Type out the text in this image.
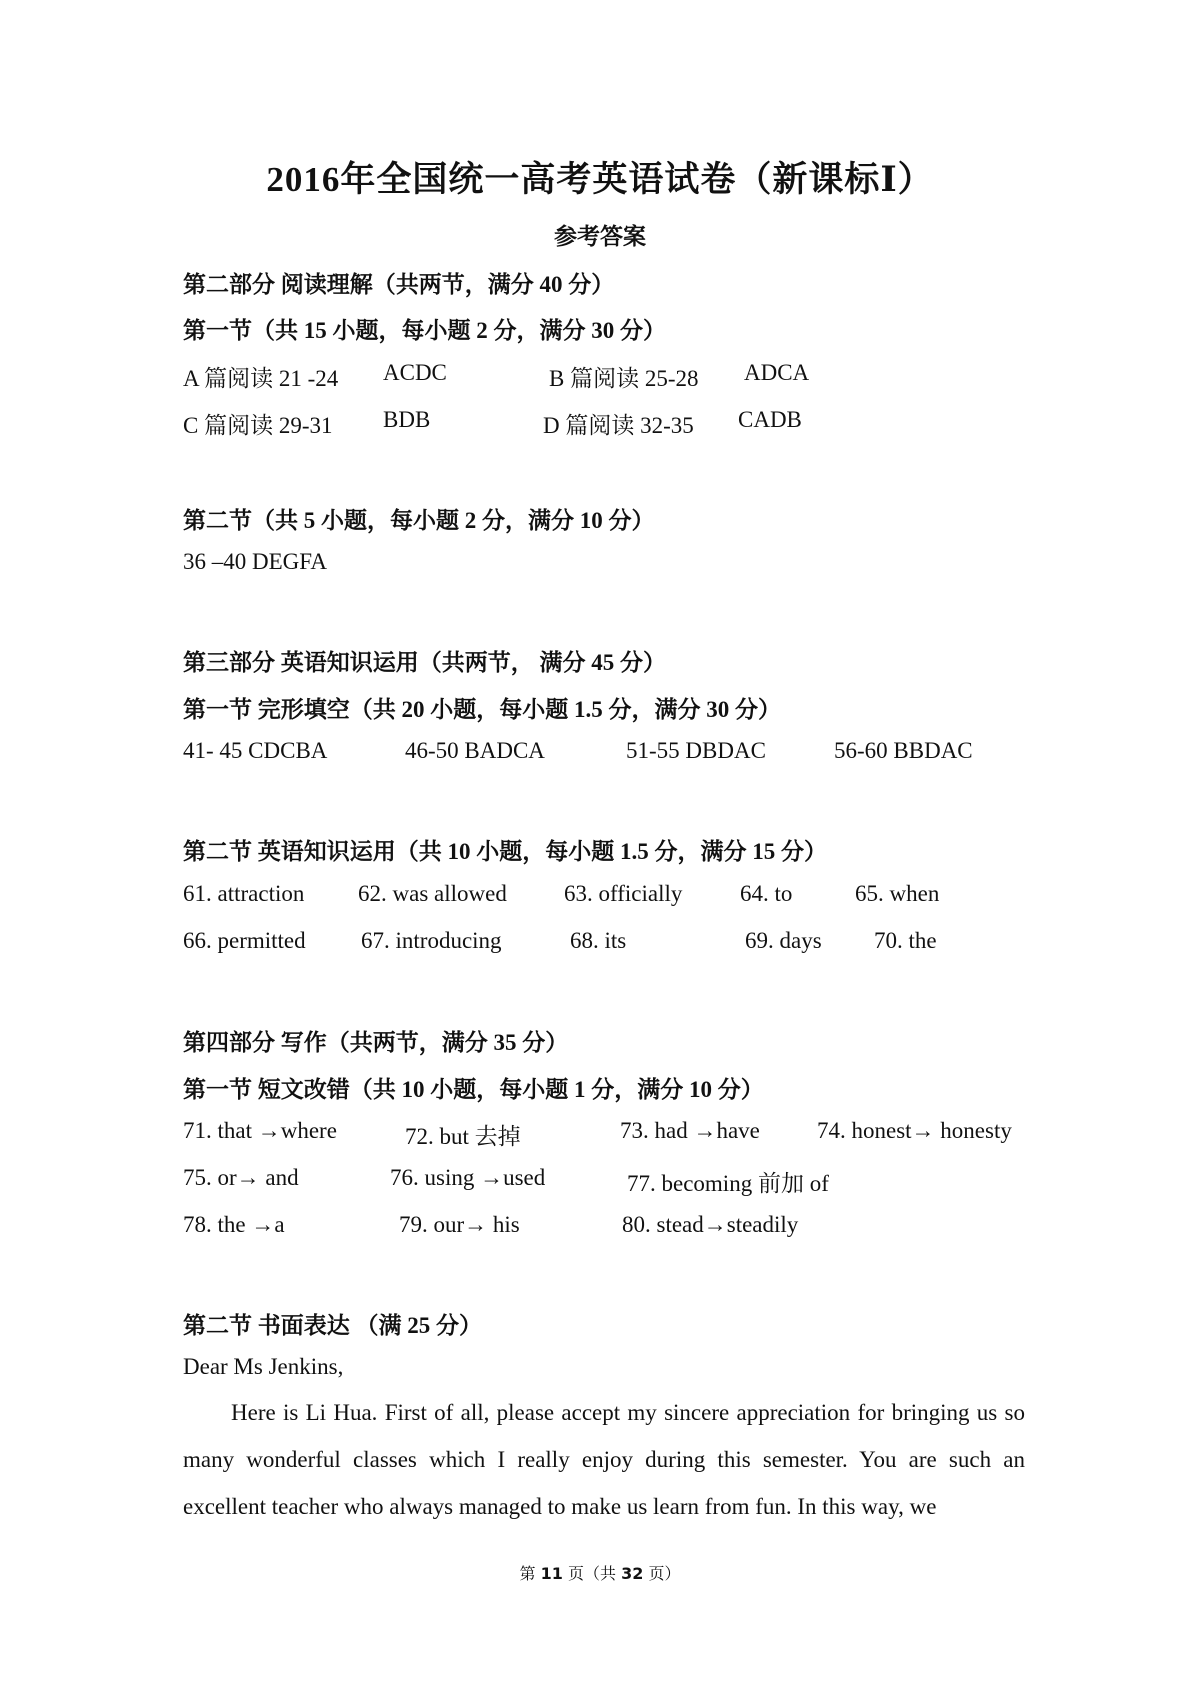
2016年全国统一高考英语试卷（新课标Ⅰ）
参考答案
第二部分 阅读理解（共两节，满分 40 分）
第一节（共 15 小题，每小题 2 分，满分 30 分）
A 篇阅读 21 -24 ACDC	B 篇阅读 25-28 ADCA
C 篇阅读 29-31 BDB	D 篇阅读 32-35 CADB
第二节（共 5 小题，每小题 2 分，满分 10 分）
36 –40 DEGFA
第三部分 英语知识运用（共两节， 满分 45 分）
第一节 完形填空（共 20 小题，每小题 1.5 分，满分 30 分）
41- 45 CDCBA	46-50 BADCA	51-55 DBDAC	56-60 BBDAC
第二节 英语知识运用（共 10 小题，每小题 1.5 分，满分 15 分）
61. attraction 62. was allowed 63. officially	64. to	65. when
66. permitted 67. introducing	68. its	69. days 70. the
第四部分 写作（共两节，满分 35 分）
第一节 短文改错（共 10 小题，每小题 1 分，满分 10 分）
71. that →where	72. but 去掉	73. had →have 74. honest→ honesty
75. or→ and	76. using →used	77. becoming 前加 of
78. the →a	79. our→ his	80. stead→steadily
第二节 书面表达 （满 25 分）
Dear Ms Jenkins,
Here is Li Hua. First of all, please accept my sincere appreciation for bringing us so many wonderful classes which I really enjoy during this semester. You are such an excellent teacher who always managed to make us learn from fun. In this way, we
第 11 页（共 32 页）
